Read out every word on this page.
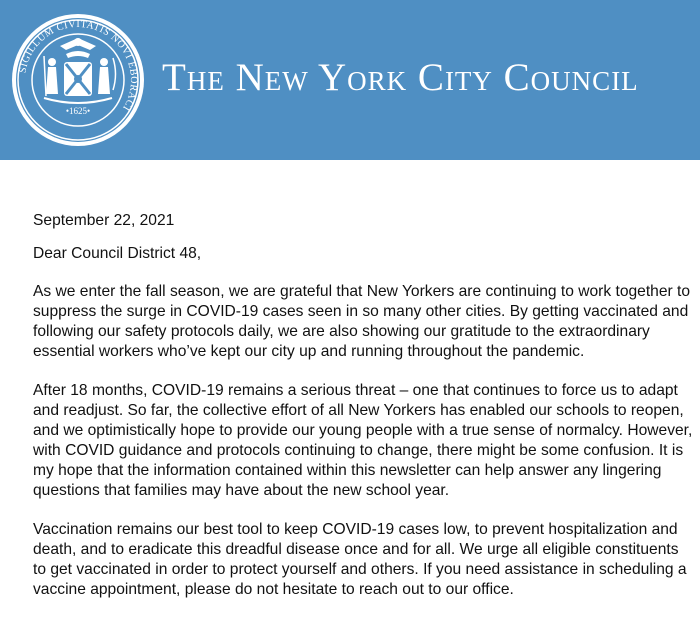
SIGILLUM CIVITATIS NOVI EBORACI
•1625•
The New York City Council

September 22, 2021

Dear Council District 48,

As we enter the fall season, we are grateful that New Yorkers are continuing to work together to suppress the surge in COVID-19 cases seen in so many other cities. By getting vaccinated and following our safety protocols daily, we are also showing our gratitude to the extraordinary essential workers who’ve kept our city up and running throughout the pandemic.

After 18 months, COVID-19 remains a serious threat – one that continues to force us to adapt and readjust. So far, the collective effort of all New Yorkers has enabled our schools to reopen, and we optimistically hope to provide our young people with a true sense of normalcy. However, with COVID guidance and protocols continuing to change, there might be some confusion. It is my hope that the information contained within this newsletter can help answer any lingering questions that families may have about the new school year.

Vaccination remains our best tool to keep COVID-19 cases low, to prevent hospitalization and death, and to eradicate this dreadful disease once and for all. We urge all eligible constituents to get vaccinated in order to protect yourself and others. If you need assistance in scheduling a vaccine appointment, please do not hesitate to reach out to our office.
